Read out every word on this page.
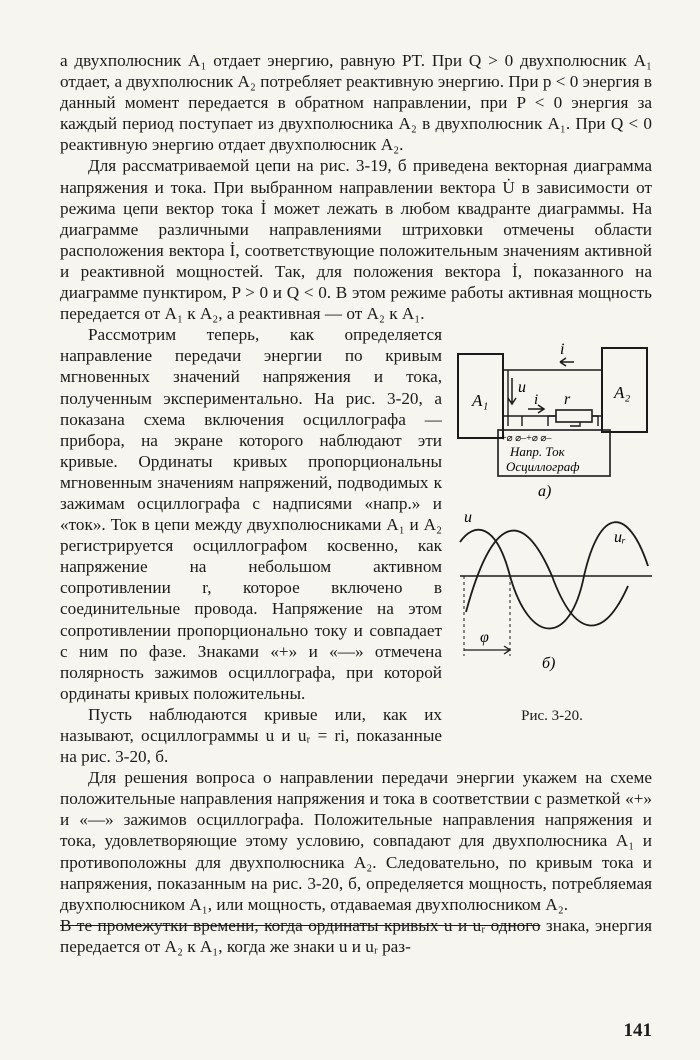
а двухполюсник A₁ отдает энергию, равную PT. При Q > 0 двухполюсник A₁ отдает, а двухполюсник A₂ потребляет реактивную энергию. При p < 0 энергия в данный момент передается в обратном направлении, при P < 0 энергия за каждый период поступает из двухполюсника A₂ в двухполюсник A₁. При Q < 0 реактивную энергию отдает двухполюсник A₂.

Для рассматриваемой цепи на рис. 3-19, б приведена векторная диаграмма напряжения и тока. При выбранном направлении вектора U̇ в зависимости от режима цепи вектор тока İ может лежать в любом квадранте диаграммы. На диаграмме различными направлениями штриховки отмечены области расположения вектора İ, соответствующие положительным значениям активной и реактивной мощностей. Так, для положения вектора İ, показанного на диаграмме пунктиром, P > 0 и Q < 0. В этом режиме работы активная мощность передается от A₁ к A₂, а реактивная — от A₂ к A₁.

A₁	A₂
r
i
u
i
+⌀ ⌀–+⌀ ⌀–
Напр. Ток
Осциллограф
а)
u
uᵣ
φ
б)
Рис. 3-20.

Рассмотрим теперь, как определяется направление передачи энергии по кривым мгновенных значений напряжения и тока, полученным экспериментально. На рис. 3-20, а показана схема включения осциллографа — прибора, на экране которого наблюдают эти кривые. Ординаты кривых пропорциональны мгновенным значениям напряжений, подводимых к зажимам осциллографа с надписями «напр.» и «ток». Ток в цепи между двухполюсниками A₁ и A₂ регистрируется осциллографом косвенно, как напряжение на небольшом активном сопротивлении r, которое включено в соединительные провода. Напряжение на этом сопротивлении пропорционально току и совпадает с ним по фазе. Знаками «+» и «—» отмечена полярность зажимов осциллографа, при которой ординаты кривых положительны.

Пусть наблюдаются кривые или, как их называют, осциллограммы u и uᵣ = ri, показанные на рис. 3-20, б.

Для решения вопроса о направлении передачи энергии укажем на схеме положительные направления напряжения и тока в соответствии с разметкой «+» и «—» зажимов осциллографа. Положительные направления напряжения и тока, удовлетворяющие этому условию, совпадают для двухполюсника A₁ и противоположны для двухполюсника A₂. Следовательно, по кривым тока и напряжения, показанным на рис. 3-20, б, определяется мощность, потребляемая двухполюсником A₁, или мощность, отдаваемая двухполюсником A₂.

В те промежутки времени, когда ординаты кривых u и uᵣ одного знака, энергия передается от A₂ к A₁, когда же знаки u и uᵣ раз-

141
